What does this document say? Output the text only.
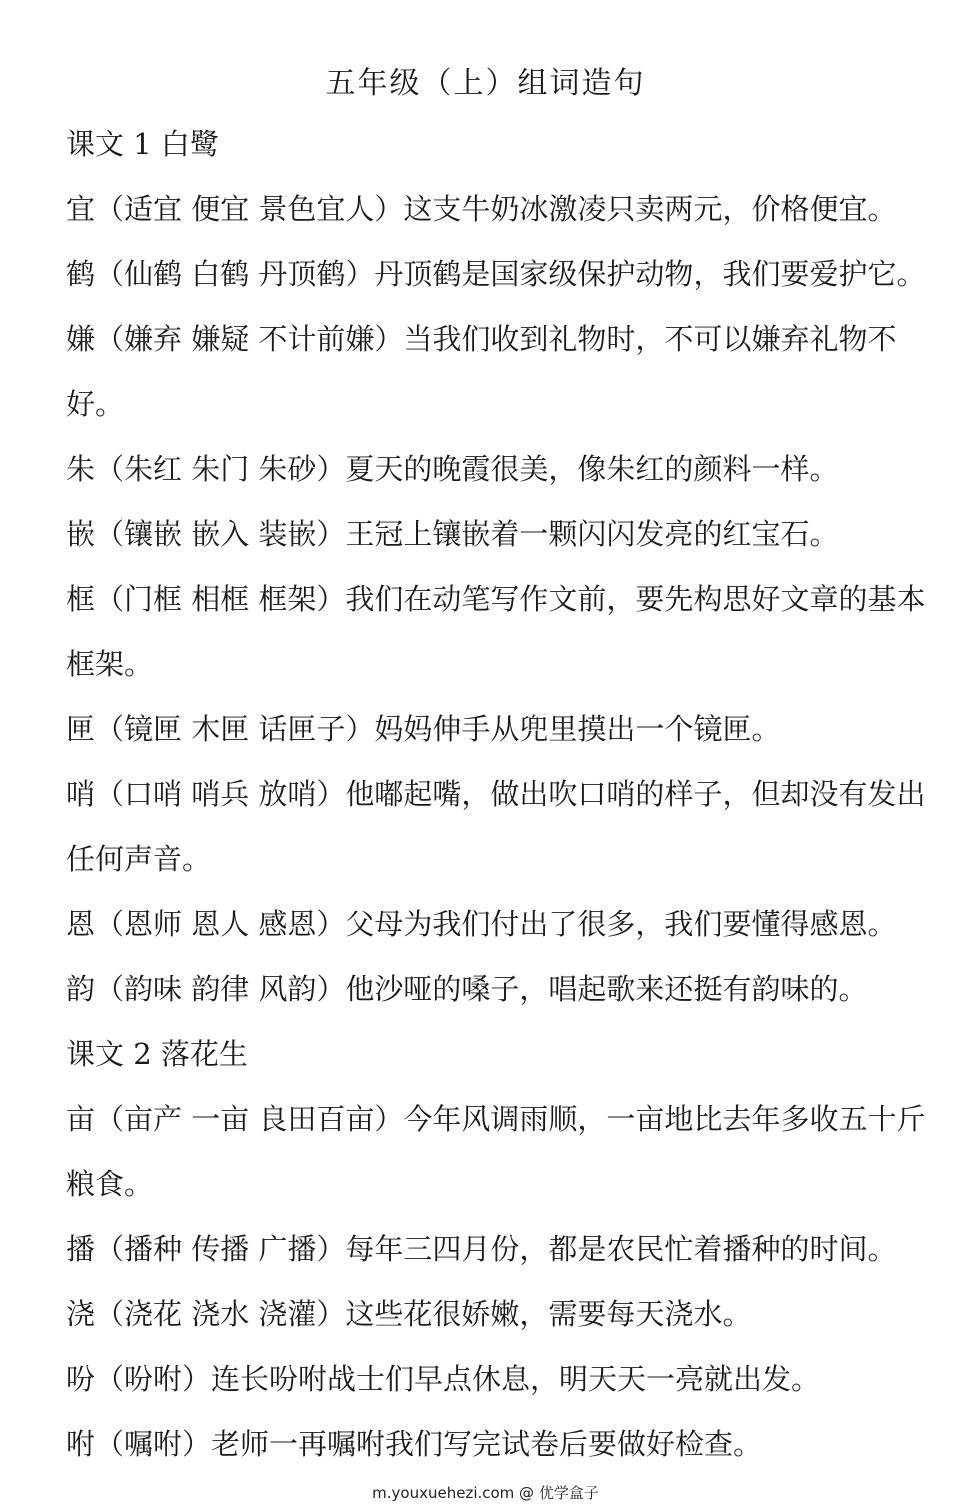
五年级（上）组词造句
课文 1 白鹭
宜（适宜 便宜 景色宜人）这支牛奶冰激凌只卖两元，价格便宜。
鹤（仙鹤 白鹤 丹顶鹤）丹顶鹤是国家级保护动物，我们要爱护它。
嫌（嫌弃 嫌疑 不计前嫌）当我们收到礼物时，不可以嫌弃礼物不好。
朱（朱红 朱门 朱砂）夏天的晚霞很美，像朱红的颜料一样。
嵌（镶嵌 嵌入 装嵌）王冠上镶嵌着一颗闪闪发亮的红宝石。
框（门框 相框 框架）我们在动笔写作文前，要先构思好文章的基本框架。
匣（镜匣 木匣 话匣子）妈妈伸手从兜里摸出一个镜匣。
哨（口哨 哨兵 放哨）他嘟起嘴，做出吹口哨的样子，但却没有发出任何声音。
恩（恩师 恩人 感恩）父母为我们付出了很多，我们要懂得感恩。
韵（韵味 韵律 风韵）他沙哑的嗓子，唱起歌来还挺有韵味的。
课文 2 落花生
亩（亩产 一亩 良田百亩）今年风调雨顺，一亩地比去年多收五十斤粮食。
播（播种 传播 广播）每年三四月份，都是农民忙着播种的时间。
浇（浇花 浇水 浇灌）这些花很娇嫩，需要每天浇水。
吩（吩咐）连长吩咐战士们早点休息，明天天一亮就出发。
咐（嘱咐）老师一再嘱咐我们写完试卷后要做好检查。
m.youxuehezi.com @ 优学盒子
